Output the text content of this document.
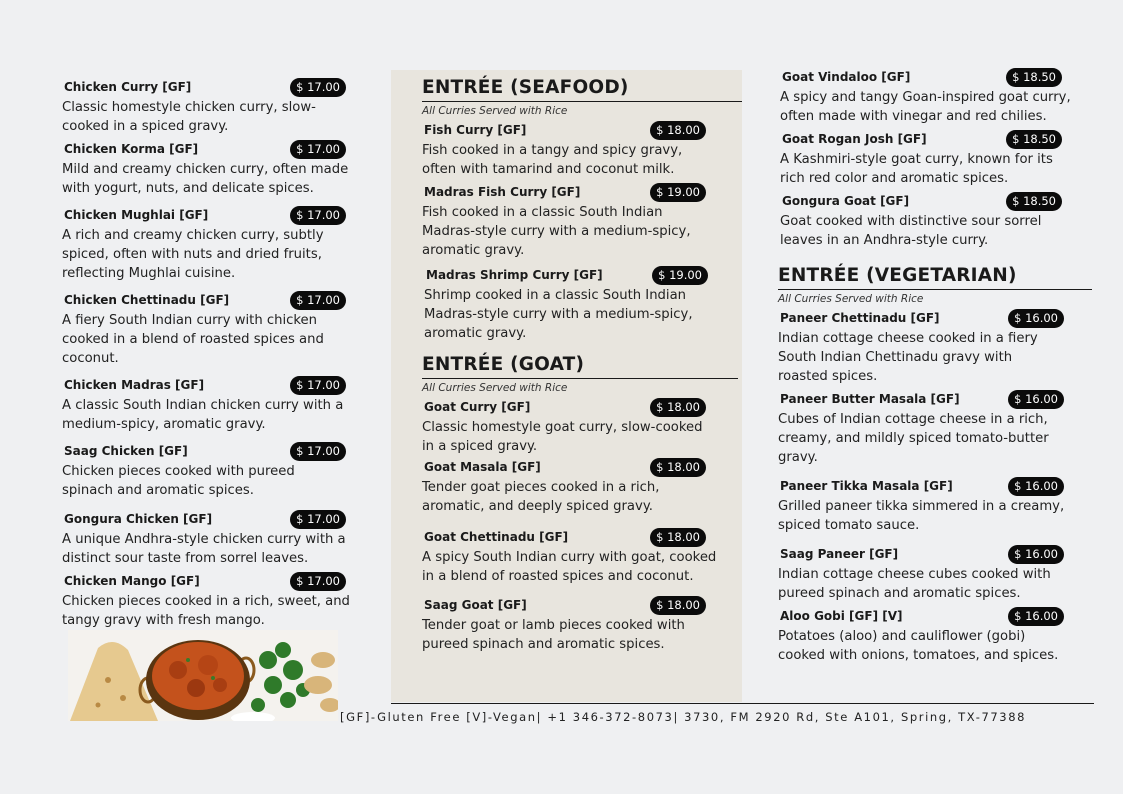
Chicken Curry [GF]	$ 17.00
Classic homestyle chicken curry, slow-cooked in a spiced gravy.
Chicken Korma [GF]	$ 17.00
Mild and creamy chicken curry, often made with yogurt, nuts, and delicate spices.
Chicken Mughlai [GF]	$ 17.00
A rich and creamy chicken curry, subtly spiced, often with nuts and dried fruits, reflecting Mughlai cuisine.
Chicken Chettinadu [GF]	$ 17.00
A fiery South Indian curry with chicken cooked in a blend of roasted spices and coconut.
Chicken Madras [GF]	$ 17.00
A classic South Indian chicken curry with a medium-spicy, aromatic gravy.
Saag Chicken [GF]	$ 17.00
Chicken pieces cooked with pureed spinach and aromatic spices.
Gongura Chicken [GF]	$ 17.00
A unique Andhra-style chicken curry with a distinct sour taste from sorrel leaves.
Chicken Mango [GF]	$ 17.00
Chicken pieces cooked in a rich, sweet, and tangy gravy with fresh mango.
ENTRÉE (SEAFOOD)
All Curries Served with Rice
Fish Curry [GF]	$ 18.00
Fish cooked in a tangy and spicy gravy, often with tamarind and coconut milk.
Madras Fish Curry [GF]	$ 19.00
Fish cooked in a classic South Indian Madras-style curry with a medium-spicy, aromatic gravy.
Madras Shrimp Curry [GF]	$ 19.00
Shrimp cooked in a classic South Indian Madras-style curry with a medium-spicy, aromatic gravy.
ENTRÉE (GOAT)
All Curries Served with Rice
Goat Curry [GF]	$ 18.00
Classic homestyle goat curry, slow-cooked in a spiced gravy.
Goat Masala [GF]	$ 18.00
Tender goat pieces cooked in a rich, aromatic, and deeply spiced gravy.
Goat Chettinadu [GF]	$ 18.00
A spicy South Indian curry with goat, cooked in a blend of roasted spices and coconut.
Saag Goat [GF]	$ 18.00
Tender goat or lamb pieces cooked with pureed spinach and aromatic spices.
Goat Vindaloo [GF]	$ 18.50
A spicy and tangy Goan-inspired goat curry, often made with vinegar and red chilies.
Goat Rogan Josh [GF]	$ 18.50
A Kashmiri-style goat curry, known for its rich red color and aromatic spices.
Gongura Goat [GF]	$ 18.50
Goat cooked with distinctive sour sorrel leaves in an Andhra-style curry.
ENTRÉE (VEGETARIAN)
All Curries Served with Rice
Paneer Chettinadu [GF]	$ 16.00
Indian cottage cheese cooked in a fiery South Indian Chettinadu gravy with roasted spices.
Paneer Butter Masala [GF]	$ 16.00
Cubes of Indian cottage cheese in a rich, creamy, and mildly spiced tomato-butter gravy.
Paneer Tikka Masala [GF]	$ 16.00
Grilled paneer tikka simmered in a creamy, spiced tomato sauce.
Saag Paneer [GF]	$ 16.00
Indian cottage cheese cubes cooked with pureed spinach and aromatic spices.
Aloo Gobi [GF] [V]	$ 16.00
Potatoes (aloo) and cauliflower (gobi) cooked with onions, tomatoes, and spices.
[GF]-Gluten Free [V]-Vegan| +1 346-372-8073| 3730, FM 2920 Rd, Ste A101, Spring, TX-77388
